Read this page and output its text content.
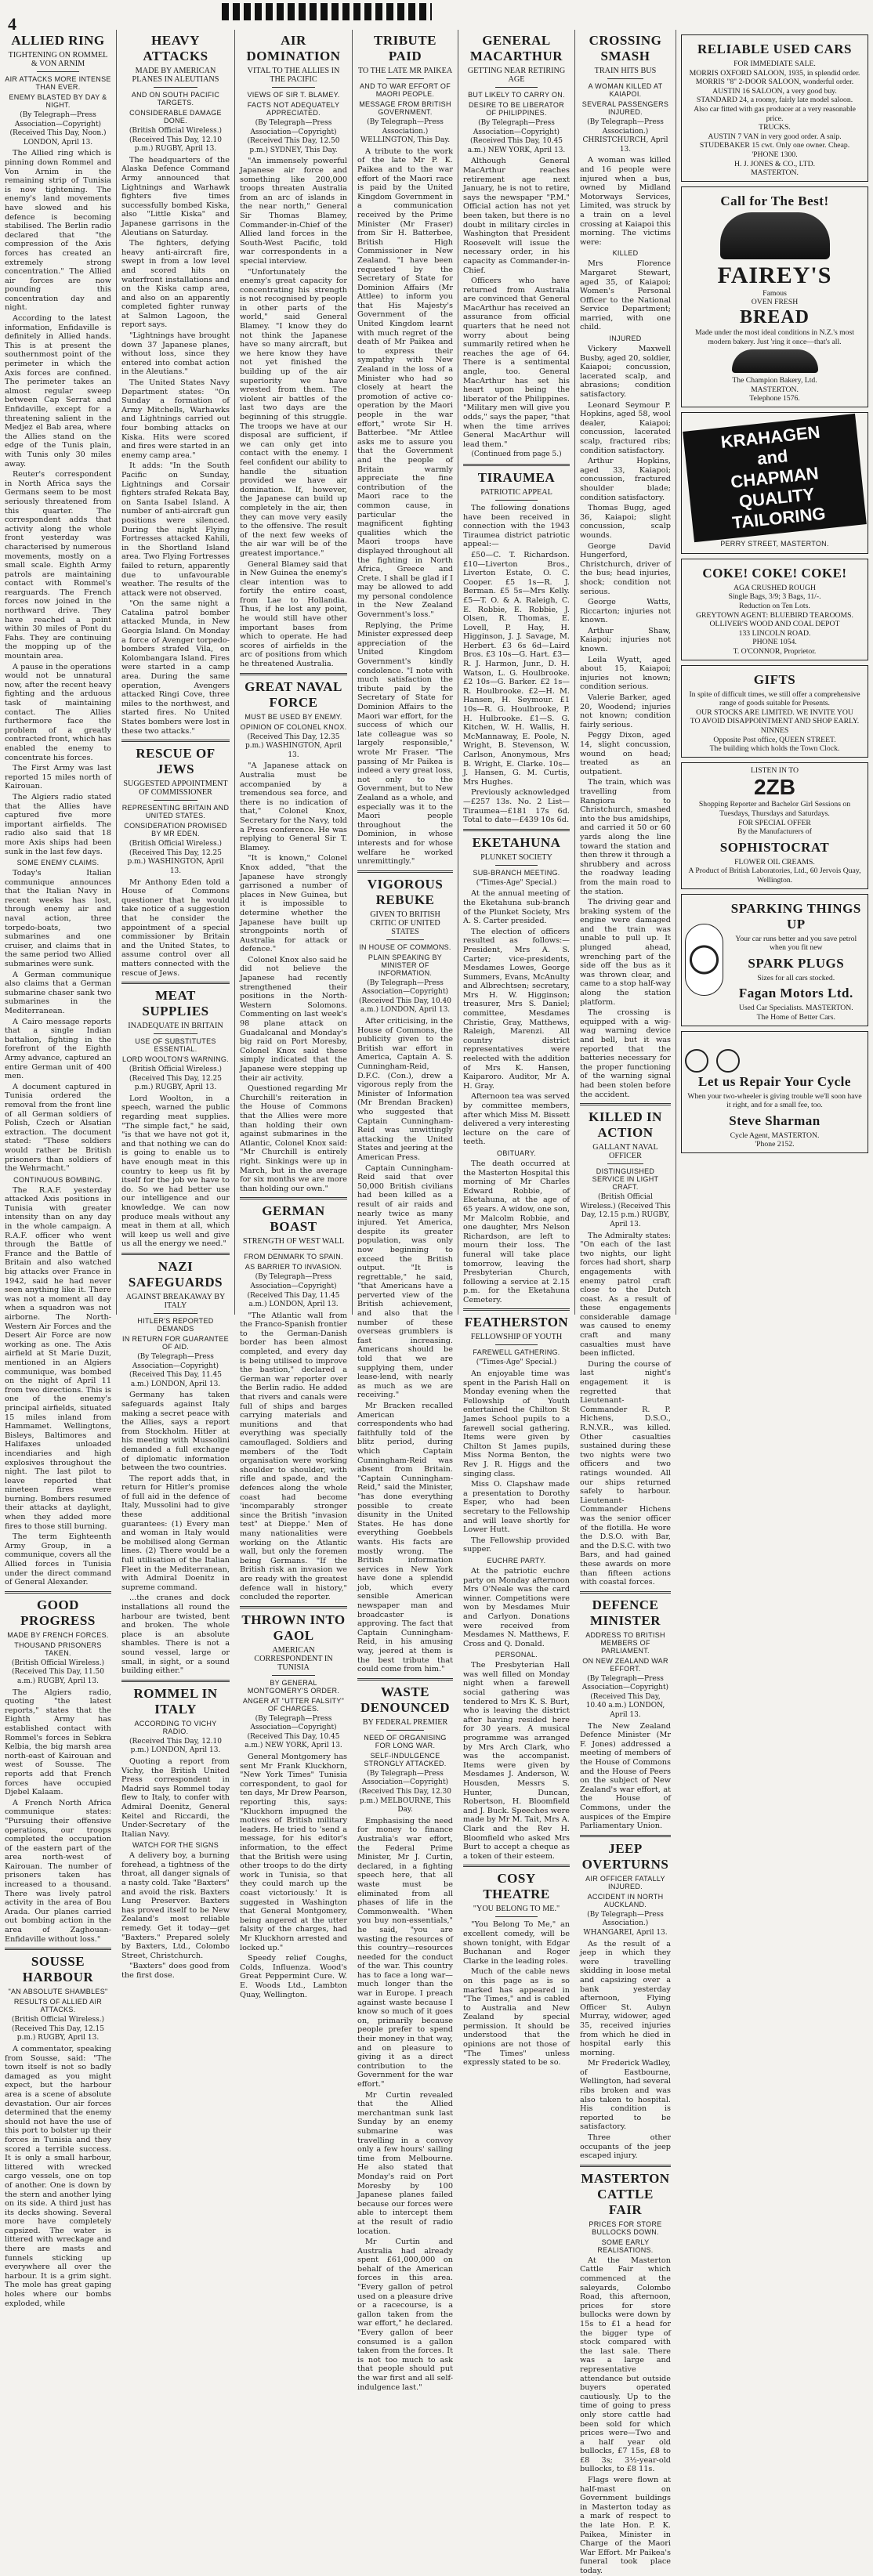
4
ALLIED RING
TIGHTENING ON ROMMEL & VON ARNIM
AIR ATTACKS MORE INTENSE THAN EVER.
ENEMY BLASTED BY DAY & NIGHT.
(By Telegraph—Press Association—Copyright) (Received This Day, Noon.) LONDON, April 13.

The Allied ring which is pinning down Rommel and Von Arnim in the remaining strip of Tunisia is now tightening. The enemy's land movements have slowed and his defence is becoming stabilised. The Berlin radio declared that "the compression of the Axis forces has created an extremely strong concentration." The Allied air forces are now pounding this concentration day and night.

According to the latest information, Enfidaville is definitely in Allied hands. This is at present the southernmost point of the perimeter in which the Axis forces are confined. The perimeter takes an almost regular sweep between Cap Serrat and Enfidaville, except for a threatening salient in the Medjez el Bab area, where the Allies stand on the edge of the Tunis plain, with Tunis only 30 miles away.

Reuter's correspondent in North Africa says the Germans seem to be most seriously threatened from this quarter. The correspondent adds that activity along the whole front yesterday was characterised by numerous movements, mostly on a small scale. Eighth Army patrols are maintaining contact with Rommel's rearguards. The French forces now joined in the northward drive. They have reached a point within 30 miles of Pont du Fahs. They are continuing the mopping up of the mountain area.

A pause in the operations would not be unnatural now, after the recent heavy fighting and the arduous task of maintaining contact. The Allies furthermore face the problem of a greatly contracted front, which has enabled the enemy to concentrate his forces.

The First Army was last reported 15 miles north of Kairouan.

The Algiers radio stated that the Allies have captured five more important airfields. The radio also said that 18 more Axis ships had been sunk in the last few days.

SOME ENEMY CLAIMS.

Today's Italian communique announces that the Italian Navy in recent weeks has lost, through enemy air and naval action, three torpedo-boats, two submarines and one cruiser, and claims that in the same period two Allied submarines were sunk.

A German communique also claims that a German submarine chaser sank two submarines in the Mediterranean.

A Cairo message reports that a single Indian battalion, fighting in the forefront of the Eighth Army advance, captured an entire German unit of 400 men.

A document captured in Tunisia ordered the removal from the front line of all German soldiers of Polish, Czech or Alsatian extraction. The document stated: "These soldiers would rather be British prisoners than soldiers of the Wehrmacht."

CONTINUOUS BOMBING.

The R.A.F. yesterday attacked Axis positions in Tunisia with greater intensity than on any day in the whole campaign. A R.A.F. officer who went through the Battle of France and the Battle of Britain and also watched big attacks over France in 1942, said he had never seen anything like it. There was not a moment all day when a squadron was not airborne. The North-Western Air Forces and the Desert Air Force are now working as one. The Axis airfield at St Marie Duzit, mentioned in an Algiers communique, was bombed on the night of April 11 from two directions. This is one of the enemy's principal airfields, situated 15 miles inland from Hammamet. Wellingtons, Bisleys, Baltimores and Halifaxes unloaded incendiaries and high explosives throughout the night. The last pilot to leave reported that nineteen fires were burning. Bombers resumed their attacks at daylight, when they added more fires to those still burning.

The term Eighteenth Army Group, in a communique, covers all the Allied forces in Tunisia under the direct command of General Alexander.

GOOD PROGRESS
MADE BY FRENCH FORCES.
THOUSAND PRISONERS TAKEN.
(British Official Wireless.) (Received This Day, 11.50 a.m.) RUGBY, April 13.

The Algiers radio, quoting "the latest reports," states that the Eighth Army has established contact with Rommel's forces in Sebkra Kelbia, the big marsh area north-east of Kairouan and west of Sousse. The reports add that French forces have occupied Djebel Kalaam.

A French North Africa communique states: "Pursuing their offensive operations, our troops completed the occupation of the eastern part of the area north-west of Kairouan. The number of prisoners taken has increased to a thousand. There was lively patrol activity in the area of Bou Arada. Our planes carried out bombing action in the area of Zaghouan-Enfidaville without loss."

SOUSSE HARBOUR
"AN ABSOLUTE SHAMBLES"
RESULTS OF ALLIED AIR ATTACKS.
(British Official Wireless.) (Received This Day, 12.15 p.m.) RUGBY, April 13.

A commentator, speaking from Sousse, said: "The town itself is not so badly damaged as you might expect, but the harbour area is a scene of absolute devastation. Our air forces determined that the enemy should not have the use of this port to bolster up their forces in Tunisia and they scored a terrible success. It is only a small harbour, littered with wrecked cargo vessels, one on top of another. One is down by the stern and another lying on its side. A third just has its decks showing. Several more have completely capsized. The water is littered with wreckage and there are masts and funnels sticking up everywhere all over the harbour. It is a grim sight. The mole has great gaping holes where our bombs exploded, while

HEAVY ATTACKS
MADE BY AMERICAN PLANES IN ALEUTIANS
AND ON SOUTH PACIFIC TARGETS.
CONSIDERABLE DAMAGE DONE.
(British Official Wireless.) (Received This Day, 12.10 p.m.) RUGBY, April 13.

The headquarters of the Alaska Defence Command Army announced that Lightnings and Warhawk fighters five times successfully bombed Kiska, also "Little Kiska" and Japanese garrisons in the Aleutians on Saturday.

The fighters, defying heavy anti-aircraft fire, swept in from a low level and scored hits on waterfront installations and on the Kiska camp area, and also on an apparently completed fighter runway at Salmon Lagoon, the report says.

"Lightnings have brought down 37 Japanese planes, without loss, since they entered into combat action in the Aleutians."

The United States Navy Department states: "On Sunday a formation of Army Mitchells, Warhawks and Lightnings carried out four bombing attacks on Kiska. Hits were scored and fires were started in an enemy camp area."

It adds: "In the South Pacific on Sunday, Lightnings and Corsair fighters strafed Rekata Bay, on Santa Isabel Island. A number of anti-aircraft gun positions were silenced. During the night Flying Fortresses attacked Kahili, in the Shortland Island area. Two Flying Fortresses failed to return, apparently due to unfavourable weather. The results of the attack were not observed.

"On the same night a Catalina patrol bomber attacked Munda, in New Georgia Island. On Monday a force of Avenger torpedo-bombers strafed Vila, on Kolombangara Island. Fires were started in a camp area. During the same operation, Avengers attacked Ringi Cove, three miles to the northwest, and started fires. No United States bombers were lost in these two attacks."

RESCUE OF JEWS
SUGGESTED APPOINTMENT OF COMMISSIONER
REPRESENTING BRITAIN AND UNITED STATES.
CONSIDERATION PROMISED BY MR EDEN.
(British Official Wireless.) (Received This Day, 12.25 p.m.) WASHINGTON, April 13.

Mr Anthony Eden told a House of Commons questioner that he would take notice of a suggestion that he consider the appointment of a special commissioner by Britain and the United States, to assume control over all matters connected with the rescue of Jews.

MEAT SUPPLIES
INADEQUATE IN BRITAIN
USE OF SUBSTITUTES ESSENTIAL.
LORD WOOLTON'S WARNING.
(British Official Wireless.) (Received This Day, 12.25 p.m.) RUGBY, April 13.

Lord Woolton, in a speech, warned the public regarding meat supplies. "The simple fact," he said, "is that we have not got it, and that nothing we can do is going to enable us to have enough meat in this country to keep us fit by itself for the job we have to do. So we had better use our intelligence and our knowledge. We can now produce meals without any meat in them at all, which will keep us well and give us all the energy we need."

NAZI SAFEGUARDS
AGAINST BREAKAWAY BY ITALY
HITLER'S REPORTED DEMANDS
IN RETURN FOR GUARANTEE OF AID.
(By Telegraph—Press Association—Copyright) (Received This Day, 11.45 a.m.) LONDON, April 13.

Germany has taken safeguards against Italy making a secret peace with the Allies, says a report from Stockholm. Hitler at his meeting with Mussolini demanded a full exchange of diplomatic information between the two countries.

The report adds that, in return for Hitler's promise of full aid in the defence of Italy, Mussolini had to give these additional guarantees: (1) Every man and woman in Italy would be mobilised along German lines. (2) There would be a full utilisation of the Italian Fleet in the Mediterranean, with Admiral Doenitz in supreme command.

...the cranes and dock installations all round the harbour are twisted, bent and broken. The whole place is an absolute shambles. There is not a sound vessel, large or small, in sight, or a sound building either."

ROMMEL IN ITALY
ACCORDING TO VICHY RADIO.
(Received This Day, 12.10 p.m.) LONDON, April 13.

Quoting a report from Vichy, the British United Press correspondent in Madrid says Rommel today flew to Italy, to confer with Admiral Doenitz, General Keitel and Riccardi, the Under-Secretary of the Italian Navy.

WATCH FOR THE SIGNS

A delivery boy, a burning forehead, a tightness of the throat, all danger signals of a nasty cold. Take "Baxters" and avoid the risk. Baxters Lung Preserver. Baxters has proved itself to be New Zealand's most reliable remedy. Get it today—get "Baxters." Prepared solely by Baxters, Ltd., Colombo Street, Christchurch.

"Baxters" does good from the first dose.

AIR DOMINATION
VITAL TO THE ALLIES IN THE PACIFIC
VIEWS OF SIR T. BLAMEY.
FACTS NOT ADEQUATELY APPRECIATED.
(By Telegraph—Press Association—Copyright) (Received This Day, 12.50 p.m.) SYDNEY, This Day.

"An immensely powerful Japanese air force and something like 200,000 troops threaten Australia from an arc of islands in the near north," General Sir Thomas Blamey, Commander-in-Chief of the Allied land forces in the South-West Pacific, told war correspondents in a special interview.

"Unfortunately the enemy's great capacity for concentrating his strength is not recognised by people in other parts of the world," said General Blamey. "I know they do not think the Japanese have so many aircraft, but we here know they have not yet finished the building up of the air superiority we have wrested from them. The violent air battles of the last two days are the beginning of this struggle. The troops we have at our disposal are sufficient, if we can only get into contact with the enemy. I feel confident our ability to handle the situation provided we have air domination. If, however, the Japanese can build up completely in the air, then they can move very easily to the offensive. The result of the next few weeks of the air war will be of the greatest importance."

General Blamey said that in New Guinea the enemy's clear intention was to fortify the entire coast, from Lae to Hollandia. Thus, if he lost any point, he would still have other important bases from which to operate. He had scores of airfields in the arc of positions from which he threatened Australia.

GREAT NAVAL FORCE
MUST BE USED BY ENEMY.
OPINION OF COLONEL KNOX.
(Received This Day, 12.35 p.m.) WASHINGTON, April 13.

"A Japanese attack on Australia must be accompanied by a tremendous sea force, and there is no indication of that," Colonel Knox, Secretary for the Navy, told a Press conference. He was replying to General Sir T. Blamey.

"It is known," Colonel Knox added, "that the Japanese have strongly garrisoned a number of places in New Guinea, but it is impossible to determine whether the Japanese have built up strongpoints north of Australia for attack or defence."

Colonel Knox also said he did not believe the Japanese had recently strengthened their positions in the North-Western Solomons. Commenting on last week's 98 plane attack on Guadalcanal and Monday's big raid on Port Moresby, Colonel Knox said these simply indicated that the Japanese were stepping up their air activity.

Questioned regarding Mr Churchill's reiteration in the House of Commons that the Allies were more than holding their own against submarines in the Atlantic, Colonel Knox said: "Mr Churchill is entirely right. Sinkings were up in March, but in the average for six months we are more than holding our own."

GERMAN BOAST
STRENGTH OF WEST WALL
FROM DENMARK TO SPAIN.
AS BARRIER TO INVASION.
(By Telegraph—Press Association—Copyright) (Received This Day, 11.45 a.m.) LONDON, April 13.

"The Atlantic wall from the Franco-Spanish frontier to the German-Danish border has been almost completed, and every day is being utilised to improve the bastion," declared a German war reporter over the Berlin radio. He added that rivers and canals were full of ships and barges carrying materials and munitions and that everything was specially camouflaged. Soldiers and members of the Todt organisation were working shoulder to shoulder, with rifle and spade, and the defences along the whole coast had become 'incomparably stronger since the British "invasion test" at Dieppe.' Men of many nationalities were working on the Atlantic wall, but only the foremen being Germans. "If the British risk an invasion we are ready with the greatest defence wall in history," concluded the reporter.

THROWN INTO GAOL
AMERICAN CORRESPONDENT IN TUNISIA
BY GENERAL MONTGOMERY'S ORDER.
ANGER AT "UTTER FALSITY" OF CHARGES.
(By Telegraph—Press Association—Copyright) (Received This Day, 10.45 a.m.) NEW YORK, April 13.

General Montgomery has sent Mr Frank Kluckhorn, "New York Times" Tunisia correspondent, to gaol for ten days, Mr Drew Pearson, reporting this, says: "Kluckhorn impugned the motives of British military leaders. He tried to 'send a message, for his editor's information, to the effect that the British were using other troops to do the dirty work in Tunisia, so that they could march up the coast victoriously.' It is suggested in Washington that General Montgomery, being angered at the utter falsity of the charges, had Mr Kluckhorn arrested and locked up."

Speedy relief Coughs, Colds, Influenza. Wood's Great Peppermint Cure. W. E. Woods Ltd., Lambton Quay, Wellington.

TRIBUTE PAID
TO THE LATE MR PAIKEA
AND TO WAR EFFORT OF MAORI PEOPLE.
MESSAGE FROM BRITISH GOVERNMENT.
(By Telegraph—Press Association.) WELLINGTON, This Day.

A tribute to the work of the late Mr P. K. Paikea and to the war effort of the Maori race is paid by the United Kingdom Government in a communication received by the Prime Minister (Mr Fraser) from Sir H. Batterbee, British High Commissioner in New Zealand. "I have been requested by the Secretary of State for Dominion Affairs (Mr Attlee) to inform you that His Majesty's Government of the United Kingdom learnt with much regret of the death of Mr Paikea and to express their sympathy with New Zealand in the loss of a Minister who had so closely at heart the promotion of active co-operation by the Maori people in the war effort," wrote Sir H. Batterbee. "Mr Attlee asks me to assure you that the Government and the people of Britain warmly appreciate the fine contribution of the Maori race to the common cause, in particular the magnificent fighting qualities which the Maori troops have displayed throughout all the fighting in North Africa, Greece and Crete. I shall be glad if I may be allowed to add my personal condolence in the New Zealand Government's loss."

Replying, the Prime Minister expressed deep appreciation of the United Kingdom Government's kindly condolence. "I note with much satisfaction the tribute paid by the Secretary of State for Dominion Affairs to the Maori war effort, for the success of which our late colleague was so largely responsible," wrote Mr Fraser. "The passing of Mr Paikea is indeed a very great loss, not only to the Government, but to New Zealand as a whole, and especially was it to the Maori people throughout the Dominion, in whose interests and for whose welfare he worked unremittingly."

VIGOROUS REBUKE
GIVEN TO BRITISH CRITIC OF UNITED STATES
IN HOUSE OF COMMONS.
PLAIN SPEAKING BY MINISTER OF INFORMATION.
(By Telegraph—Press Association—Copyright) (Received This Day, 10.40 a.m.) LONDON, April 13.

After criticising, in the House of Commons, the publicity given to the British war effort in America, Captain A. S. Cunningham-Reid, D.F.C. (Con.), drew a vigorous reply from the Minister of Information (Mr Brendan Bracken) who suggested that Captain Cunningham-Reid was unwittingly attacking the United States and jeering at the American Press.

Captain Cunningham-Reid said that over 50,000 British civilians had been killed as a result of air raids and nearly twice as many injured. Yet America, despite its greater population, was only now beginning to exceed the British output. "It is regrettable," he said, "that Americans have a perverted view of the British achievement, and also that the number of these overseas grumblers is fast increasing. Americans should be told that we are supplying them, under lease-lend, with nearly as much as we are receiving."

Mr Bracken recalled American correspondents who had faithfully told of the blitz period, during which Captain Cunningham-Reid was absent from Britain. "Captain Cunningham-Reid," said the Minister, "has done everything possible to create disunity in the United States. He has done everything Goebbels wants. His facts are mostly wrong. The British information services in New York have done a splendid job, which every sensible American newspaper man and broadcaster is approving. The fact that Captain Cunningham-Reid, in his amusing way, jeered at them is the best tribute that could come from him."

WASTE DENOUNCED
BY FEDERAL PREMIER
NEED OF ORGANISING FOR LONG WAR.
SELF-INDULGENCE STRONGLY ATTACKED.
(By Telegraph—Press Association—Copyright) (Received This Day, 12.30 p.m.) MELBOURNE, This Day.

Emphasising the need for money to finance Australia's war effort, the Federal Prime Minister, Mr J. Curtin, declared, in a fighting speech here, that all waste must be eliminated from all phases of life in the Commonwealth. "When you buy non-essentials," he said, "you are wasting the resources of this country—resources needed for the conduct of the war. This country has to face a long war—much longer than the war in Europe. I preach against waste because I know so much of it goes on, primarily because people prefer to spend their money in that way, and on pleasure to giving it as a direct contribution to the Government for the war effort."

Mr Curtin revealed that the Allied merchantman sunk last Sunday by an enemy submarine was travelling in a convoy only a few hours' sailing time from Melbourne. He also stated that Monday's raid on Port Moresby by 100 Japanese planes failed because our forces were able to intercept them at the result of radio location.

Mr Curtin and Australia had already spent £61,000,000 on behalf of the American forces in this area. "Every gallon of petrol used on a pleasure drive or a racecourse, is a gallon taken from the war effort," he declared. "Every gallon of beer consumed is a gallon taken from the forces. It is not too much to ask that people should put the war first and all self-indulgence last."

GENERAL MACARTHUR
GETTING NEAR RETIRING AGE
BUT LIKELY TO CARRY ON.
DESIRE TO BE LIBERATOR OF PHILIPPINES.
(By Telegraph—Press Association—Copyright) (Received This Day, 10.45 a.m.) NEW YORK, April 13.

Although General MacArthur reaches retirement age next January, he is not to retire, says the newspaper "P.M." Official action has not yet been taken, but there is no doubt in military circles in Washington that President Roosevelt will issue the necessary order, in his capacity as Commander-in-Chief.

Officers who have returned from Australia are convinced that General MacArthur has received an assurance from official quarters that he need not worry about being summarily retired when he reaches the age of 64. There is a sentimental angle, too. General MacArthur has set his heart upon being the liberator of the Philippines. "Military men will give you odds," says the paper, "that when the time arrives General MacArthur will lead them."

(Continued from page 5.)
TIRAUMEA
PATRIOTIC APPEAL

The following donations have been received in connection with the 1943 Tiraumea district patriotic appeal:—

£50—C. T. Richardson. £10—Liverton Bros., Liverton Estate, O. C. Cooper. £5 1s—R. J. Berman. £5 5s—Mrs Kelly. £5—T. O. & A. Raleigh, C. E. Robbie, E. Robbie, J. Olsen, R. Thomas, E. Lovell, P. Hay, H. Higginson, J. J. Savage, M. Herbert. £3 6s 6d—Laird Bros. £3 10s—G. Hart. £3—R. J. Harmon, Junr., D. H. Watson, L. G. Houlbrooke. £2 10s—G. Barker. £2 1s—R. Houlbrooke. £2—H. M. Hansen, H. Seymour. £1 10s—R. G. Houlbrooke, P. H. Hulbrooke. £1—S. G. Kitchen, W. H. Wallis, H. McMannaway, E. Poole, N. Wright, B. Stevenson, W. Carlson, Anonymous, Mrs B. Wright, E. Clarke. 10s—J. Hansen, G. M. Curtis, Mrs Hughes.

Previously acknowledged—£257 13s. No. 2 List—Tiraumea—£181 17s 6d. Total to date—£439 10s 6d.

EKETAHUNA
PLUNKET SOCIETY
SUB-BRANCH MEETING.
("Times-Age" Special.)

At the annual meeting of the Eketahuna sub-branch of the Plunket Society, Mrs A. S. Carter presided.

The election of officers resulted as follows:—President, Mrs A. S. Carter; vice-presidents, Mesdames Lowes, George Summers, Evans, McAnulty and Albrechtsen; secretary, Mrs H. W. Higginson; treasurer, Mrs S. Daniel; committee, Mesdames Christie, Gray, Matthews, Raleigh, Marenzi. All country district representatives were reelected with the addition of Mrs K. Hansen, Kaiparoro. Auditor, Mr A. H. Gray.

Afternoon tea was served by committee members, after which Miss M. Bissett delivered a very interesting lecture on the care of teeth.

OBITUARY.

The death occurred at the Masterton Hospital this morning of Mr Charles Edward Robbie, of Eketahuna, at the age of 65 years. A widow, one son, Mr Malcolm Robbie, and one daughter, Mrs Nelson Richardson, are left to mourn their loss. The funeral will take place tomorrow, leaving the Presbyterian Church, following a service at 2.15 p.m. for the Eketahuna Cemetery.

FEATHERSTON
FELLOWSHIP OF YOUTH
FAREWELL GATHERING.
("Times-Age" Special.)

An enjoyable time was spent in the Parish Hall on Monday evening when the Fellowship of Youth entertained the Chilton St James School pupils to a farewell social gathering. Items were given by Chilton St James pupils, Miss Norma Benton, the Rev J. R. Higgs and the singing class.

Miss O. Clapshaw made a presentation to Dorothy Esper, who had been secretary to the Fellowship and will leave shortly for Lower Hutt.

The Fellowship provided supper.

EUCHRE PARTY.

At the patriotic euchre party on Monday afternoon Mrs O'Neale was the card winner. Competitions were won by Mesdames Muir and Carlyon. Donations were received from Mesdames N. Matthews, F. Cross and Q. Donald.

PERSONAL.

The Presbyterian Hall was well filled on Monday night when a farewell social gathering was tendered to Mrs K. S. Burt, who is leaving the district after having resided here for 30 years. A musical programme was arranged by Mrs Arch Clark, who was the accompanist. Items were given by Mesdames J. Anderson, W. Housden, Messrs S. Hunter, Duncan, Robertson, H. Bloomfield and J. Buck. Speeches were made by Mr M. Tait, Mrs A. Clark and the Rev H. Bloomfield who asked Mrs Burt to accept a cheque as a token of their esteem.

COSY THEATRE
"YOU BELONG TO ME."

"You Belong To Me," an excellent comedy, will be shown tonight, with Edgar Buchanan and Roger Clarke in the leading roles.

Much of the cable news on this page as is so marked has appeared in "The Times," and is cabled to Australia and New Zealand by special permission. It should be understood that the opinions are not those of "The Times" unless expressly stated to be so.

CROSSING SMASH
TRAIN HITS BUS
A WOMAN KILLED AT KAIAPOI.
SEVERAL PASSENGERS INJURED.
(By Telegraph—Press Association.) CHRISTCHURCH, April 13.

A woman was killed and 16 people were injured when a bus, owned by Midland Motorways Services, Limited, was struck by a train on a level crossing at Kaiapoi this morning. The victims were:

KILLED

Mrs Florence Margaret Stewart, aged 35, of Kaiapoi; Women's Personal Officer to the National Service Department; married, with one child.

INJURED

Vickery Maxwell Busby, aged 20, soldier, Kaiapoi; concussion, lacerated scalp, and abrasions; condition satisfactory.

Leonard Seymour P. Hopkins, aged 58, wool dealer, Kaiapoi; concussion, lacerated scalp, fractured ribs; condition satisfactory.

Arthur Hopkins, aged 33, Kaiapoi; concussion, fractured shoulder blade; condition satisfactory.

Thomas Bugg, aged 36, Kaiapoi; slight concussion, scalp wounds.

George David Hungerford, Christchurch, driver of the bus; head injuries, shock; condition not serious.

George Watts, Riccarton; injuries not known.

Arthur Shaw, Kaiapoi; injuries not known.

Leila Wyatt, aged about 15, Kaiapoi; injuries not known; condition serious.

Valerie Barker, aged 20, Woodend; injuries not known; condition fairly serious.

Peggy Dixon, aged 14, slight concussion, wound on head; treated as an outpatient.

The train, which was travelling from Rangiora to Christchurch, smashed into the bus amidships, and carried it 50 or 60 yards along the line toward the station and then threw it through a shrubbery and across the roadway leading from the main road to the station.

The driving gear and braking system of the engine were damaged and the train was unable to pull up. It plunged ahead, wrenching part of the side off the bus as it was thrown clear, and came to a stop half-way along the station platform.

The crossing is equipped with a wig-wag warning device and bell, but it was reported that the batteries necessary for the proper functioning of the warning signal had been stolen before the accident.

KILLED IN ACTION
GALLANT NAVAL OFFICER
DISTINGUISHED SERVICE IN LIGHT CRAFT.
(British Official Wireless.) (Received This Day, 12.15 p.m.) RUGBY, April 13.

The Admiralty states: "On each of the last two nights, our light forces had short, sharp engagements with enemy patrol craft close to the Dutch coast. As a result of these engagements considerable damage was caused to enemy craft and many casualties must have been inflicted.

During the course of last night's engagement it is regretted that Lieutenant-Commander R. P. Hichens, D.S.O., R.N.V.R., was killed. Other casualties sustained during these two nights were two officers and two ratings wounded. All our ships returned safely to harbour. Lieutenant-Commander Hichens was the senior officer of the flotilla. He wore the D.S.O. with Bar, and the D.S.C. with two Bars, and had gained these awards on more than fifteen actions with coastal forces.

DEFENCE MINISTER
ADDRESS TO BRITISH MEMBERS OF PARLIAMENT.
ON NEW ZEALAND WAR EFFORT.
(By Telegraph—Press Association—Copyright) (Received This Day, 10.40 a.m.) LONDON, April 13.

The New Zealand Defence Minister (Mr F. Jones) addressed a meeting of members of the House of Commons and the House of Peers on the subject of New Zealand's war effort, at the House of Commons, under the auspices of the Empire Parliamentary Union.

JEEP OVERTURNS
AIR OFFICER FATALLY INJURED.
ACCIDENT IN NORTH AUCKLAND.
(By Telegraph—Press Association.) WHANGAREI, April 13.

As the result of a jeep in which they were travelling skidding in loose metal and capsizing over a bank yesterday afternoon, Flying Officer St. Aubyn Murray, widower, aged 35, received injuries from which he died in hospital early this morning.

Mr Frederick Wadley, of Eastbourne, Wellington, had several ribs broken and was also taken to hospital. His condition is reported to be satisfactory.

Three other occupants of the jeep escaped injury.

MASTERTON CATTLE FAIR
PRICES FOR STORE BULLOCKS DOWN.
SOME EARLY REALISATIONS.

At the Masterton Cattle Fair which commenced at the saleyards, Colombo Road, this afternoon, prices for store bullocks were down by 15s to £1 a head for the bigger type of stock compared with the last sale. There was a large and representative attendance but outside buyers operated cautiously. Up to the time of going to press only store cattle had been sold for which prices were—Two and a half year old bullocks, £7 15s, £8 to £8 3s; 3½-year-old bullocks, to £8 11s.

Flags were flown at half-mast on Government buildings in Masterton today as a mark of respect to the late Hon. P. K. Paikea, Minister in Charge of the Maori War Effort. Mr Paikea's funeral took place today.

RELIABLE USED CARS
FOR IMMEDIATE SALE.
MORRIS OXFORD SALOON, 1935, in splendid order.
MORRIS "8" 2-DOOR SALOON, wonderful order.
AUSTIN 16 SALOON, a very good buy.
STANDARD 24, a roomy, fairly late model saloon.
Also car fitted with gas producer at a very reasonable price.
TRUCKS.
AUSTIN 7 VAN in very good order. A snip.
STUDEBAKER 15 cwt. Only one owner. Cheap.
'PHONE 1300.
H. J. JONES & CO., LTD.
MASTERTON.
Call for The Best!
FAIREY'S
Famous
OVEN FRESH
BREAD
Made under the most ideal conditions in N.Z.'s most modern bakery. Just 'ring it once—that's all.
The Champion Bakery, Ltd.
MASTERTON.
Telephone 1576.
KRAHAGEN
and
CHAPMAN
QUALITY TAILORING
PERRY STREET, MASTERTON.
COKE! COKE! COKE!
AGA CRUSHED ROUGH
Single Bags, 3/9; 3 Bags, 11/-.
Reduction on Ten Lots.
GREYTOWN AGENT: BLUEBIRD TEAROOMS.
OLLIVER'S WOOD AND COAL DEPOT
133 LINCOLN ROAD.
PHONE 1054.
T. O'CONNOR, Proprietor.
GIFTS
In spite of difficult times, we still offer a comprehensive range of goods suitable for Presents.
OUR STOCKS ARE LIMITED. WE INVITE YOU
TO AVOID DISAPPOINTMENT AND SHOP EARLY.
NINNES
Opposite Post office, QUEEN STREET.
The building which holds the Town Clock.
LISTEN IN TO
2ZB
Shopping Reporter and Bachelor Girl Sessions on Tuesdays, Thursdays and Saturdays.
FOR SPECIAL OFFER
By the Manufacturers of
SOPHISTOCRAT
FLOWER OIL CREAMS.
A Product of British Laboratories, Ltd., 60 Jervois Quay, Wellington.
SPARKING THINGS UP
Your car runs better and you save petrol when you fit new
SPARK PLUGS
Sizes for all cars stocked.
Fagan Motors Ltd.
Used Car Specialists. MASTERTON.
The Home of Better Cars.
Let us Repair Your Cycle
When your two-wheeler is giving trouble we'll soon have it right, and for a small fee, too.
Steve Sharman
Cycle Agent, MASTERTON.
'Phone 2152.
